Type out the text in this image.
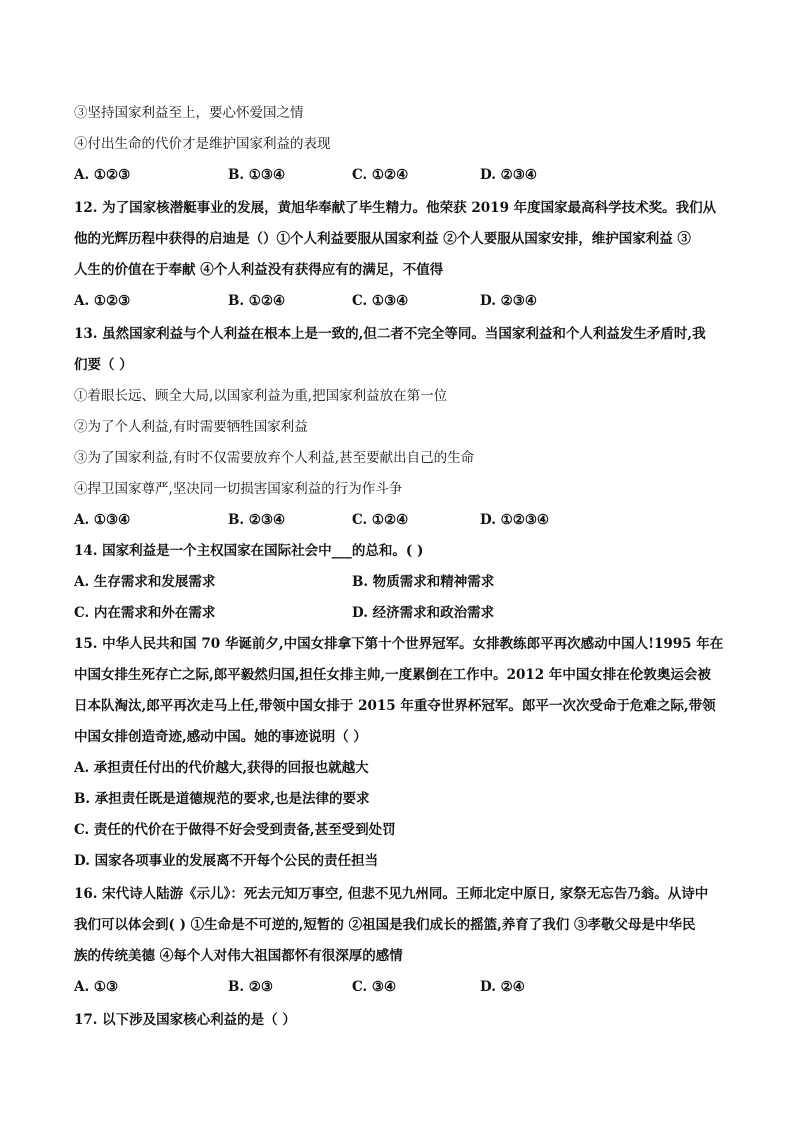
③坚持国家利益至上，要心怀爱国之情
④付出生命的代价才是维护国家利益的表现
A. ①②③	B. ①③④	C. ①②④	D. ②③④
12. 为了国家核潜艇事业的发展，黄旭华奉献了毕生精力。他荣获 2019 年度国家最高科学技术奖。我们从
他的光辉历程中获得的启迪是（）①个人利益要服从国家利益 ②个人要服从国家安排，维护国家利益 ③
人生的价值在于奉献 ④个人利益没有获得应有的满足，不值得
A. ①②③	B. ①②④	C. ①③④	D. ②③④
13. 虽然国家利益与个人利益在根本上是一致的,但二者不完全等同。当国家利益和个人利益发生矛盾时,我
们要（ ）
①着眼长远、顾全大局,以国家利益为重,把国家利益放在第一位
②为了个人利益,有时需要牺牲国家利益
③为了国家利益,有时不仅需要放弃个人利益,甚至要献出自己的生命
④捍卫国家尊严,坚决同一切损害国家利益的行为作斗争
A. ①③④	B. ②③④	C. ①②④	D. ①②③④
14. 国家利益是一个主权国家在国际社会中___的总和。( )
A. 生存需求和发展需求	B. 物质需求和精神需求
C. 内在需求和外在需求	D. 经济需求和政治需求
15. 中华人民共和国 70 华诞前夕,中国女排拿下第十个世界冠军。女排教练郎平再次感动中国人!1995 年在
中国女排生死存亡之际,郎平毅然归国,担任女排主帅,一度累倒在工作中。2012 年中国女排在伦敦奥运会被
日本队淘汰,郎平再次走马上任,带领中国女排于 2015 年重夺世界杯冠军。郎平一次次受命于危难之际,带领
中国女排创造奇迹,感动中国。她的事迹说明（ ）
A. 承担责任付出的代价越大,获得的回报也就越大
B. 承担责任既是道德规范的要求,也是法律的要求
C. 责任的代价在于做得不好会受到责备,甚至受到处罚
D. 国家各项事业的发展离不开每个公民的责任担当
16. 宋代诗人陆游《示儿》：死去元知万事空, 但悲不见九州同。王师北定中原日, 家祭无忘告乃翁。从诗中
我们可以体会到( ) ①生命是不可逆的,短暂的 ②祖国是我们成长的摇篮,养育了我们 ③孝敬父母是中华民
族的传统美德 ④每个人对伟大祖国都怀有很深厚的感情
A. ①③	B. ②③	C. ③④	D. ②④
17. 以下涉及国家核心利益的是（ ）
